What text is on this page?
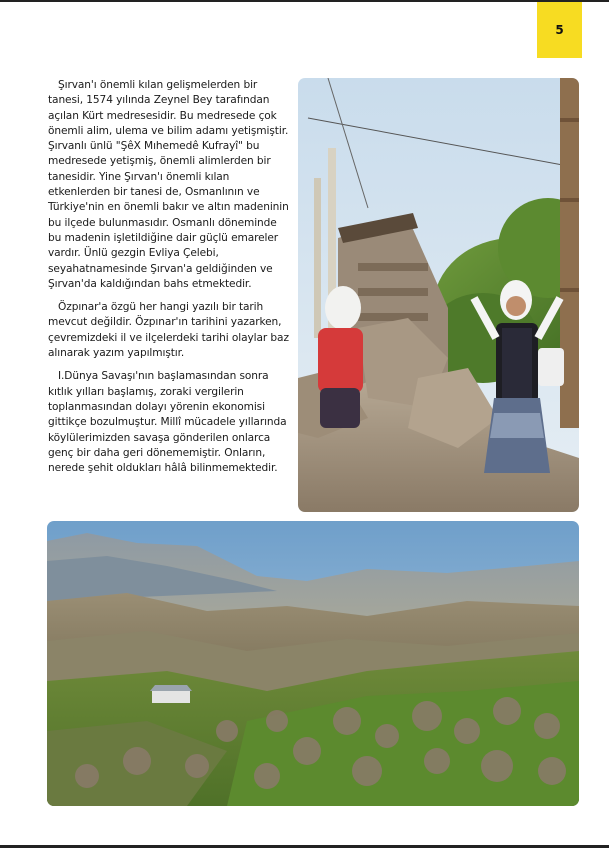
5

Şırvan'ı önemli kılan gelişmelerden bir tanesi, 1574 yılında Zeynel Bey tarafından açılan Kürt medresesidir. Bu medresede çok önemli alim, ulema ve bilim adamı yetişmiştir. Şırvanlı ünlü "ŞêX Mıhemedê Kufrayî" bu medresede yetişmiş, önemli alimlerden bir tanesidir. Yine Şırvan'ı önemli kılan etkenlerden bir tanesi de, Osmanlının ve Türkiye'nin en önemli bakır ve altın madeninin bu ilçede bulunmasıdır. Osmanlı döneminde bu madenin işletildiğine dair güçlü emareler vardır. Ünlü gezgin Evliya Çelebi, seyahatnamesinde Şırvan'a geldiğinden ve Şırvan'da kaldığından bahs etmektedir.

Özpınar'a özgü her hangi yazılı bir tarih mevcut değildir. Özpınar'ın tarihini yazarken, çevremizdeki il ve ilçelerdeki tarihi olaylar baz alınarak yazım yapılmıştır.

I.Dünya Savaşı'nın başlamasından sonra kıtlık yılları başlamış, zoraki vergilerin toplanmasından dolayı yörenin ekonomisi gittikçe bozulmuştur. Millî mücadele yıllarında köylülerimizden savaşa gönderilen onlarca genç bir daha geri dönememiştir. Onların, nerede şehit oldukları hâlâ bilinmemektedir.
